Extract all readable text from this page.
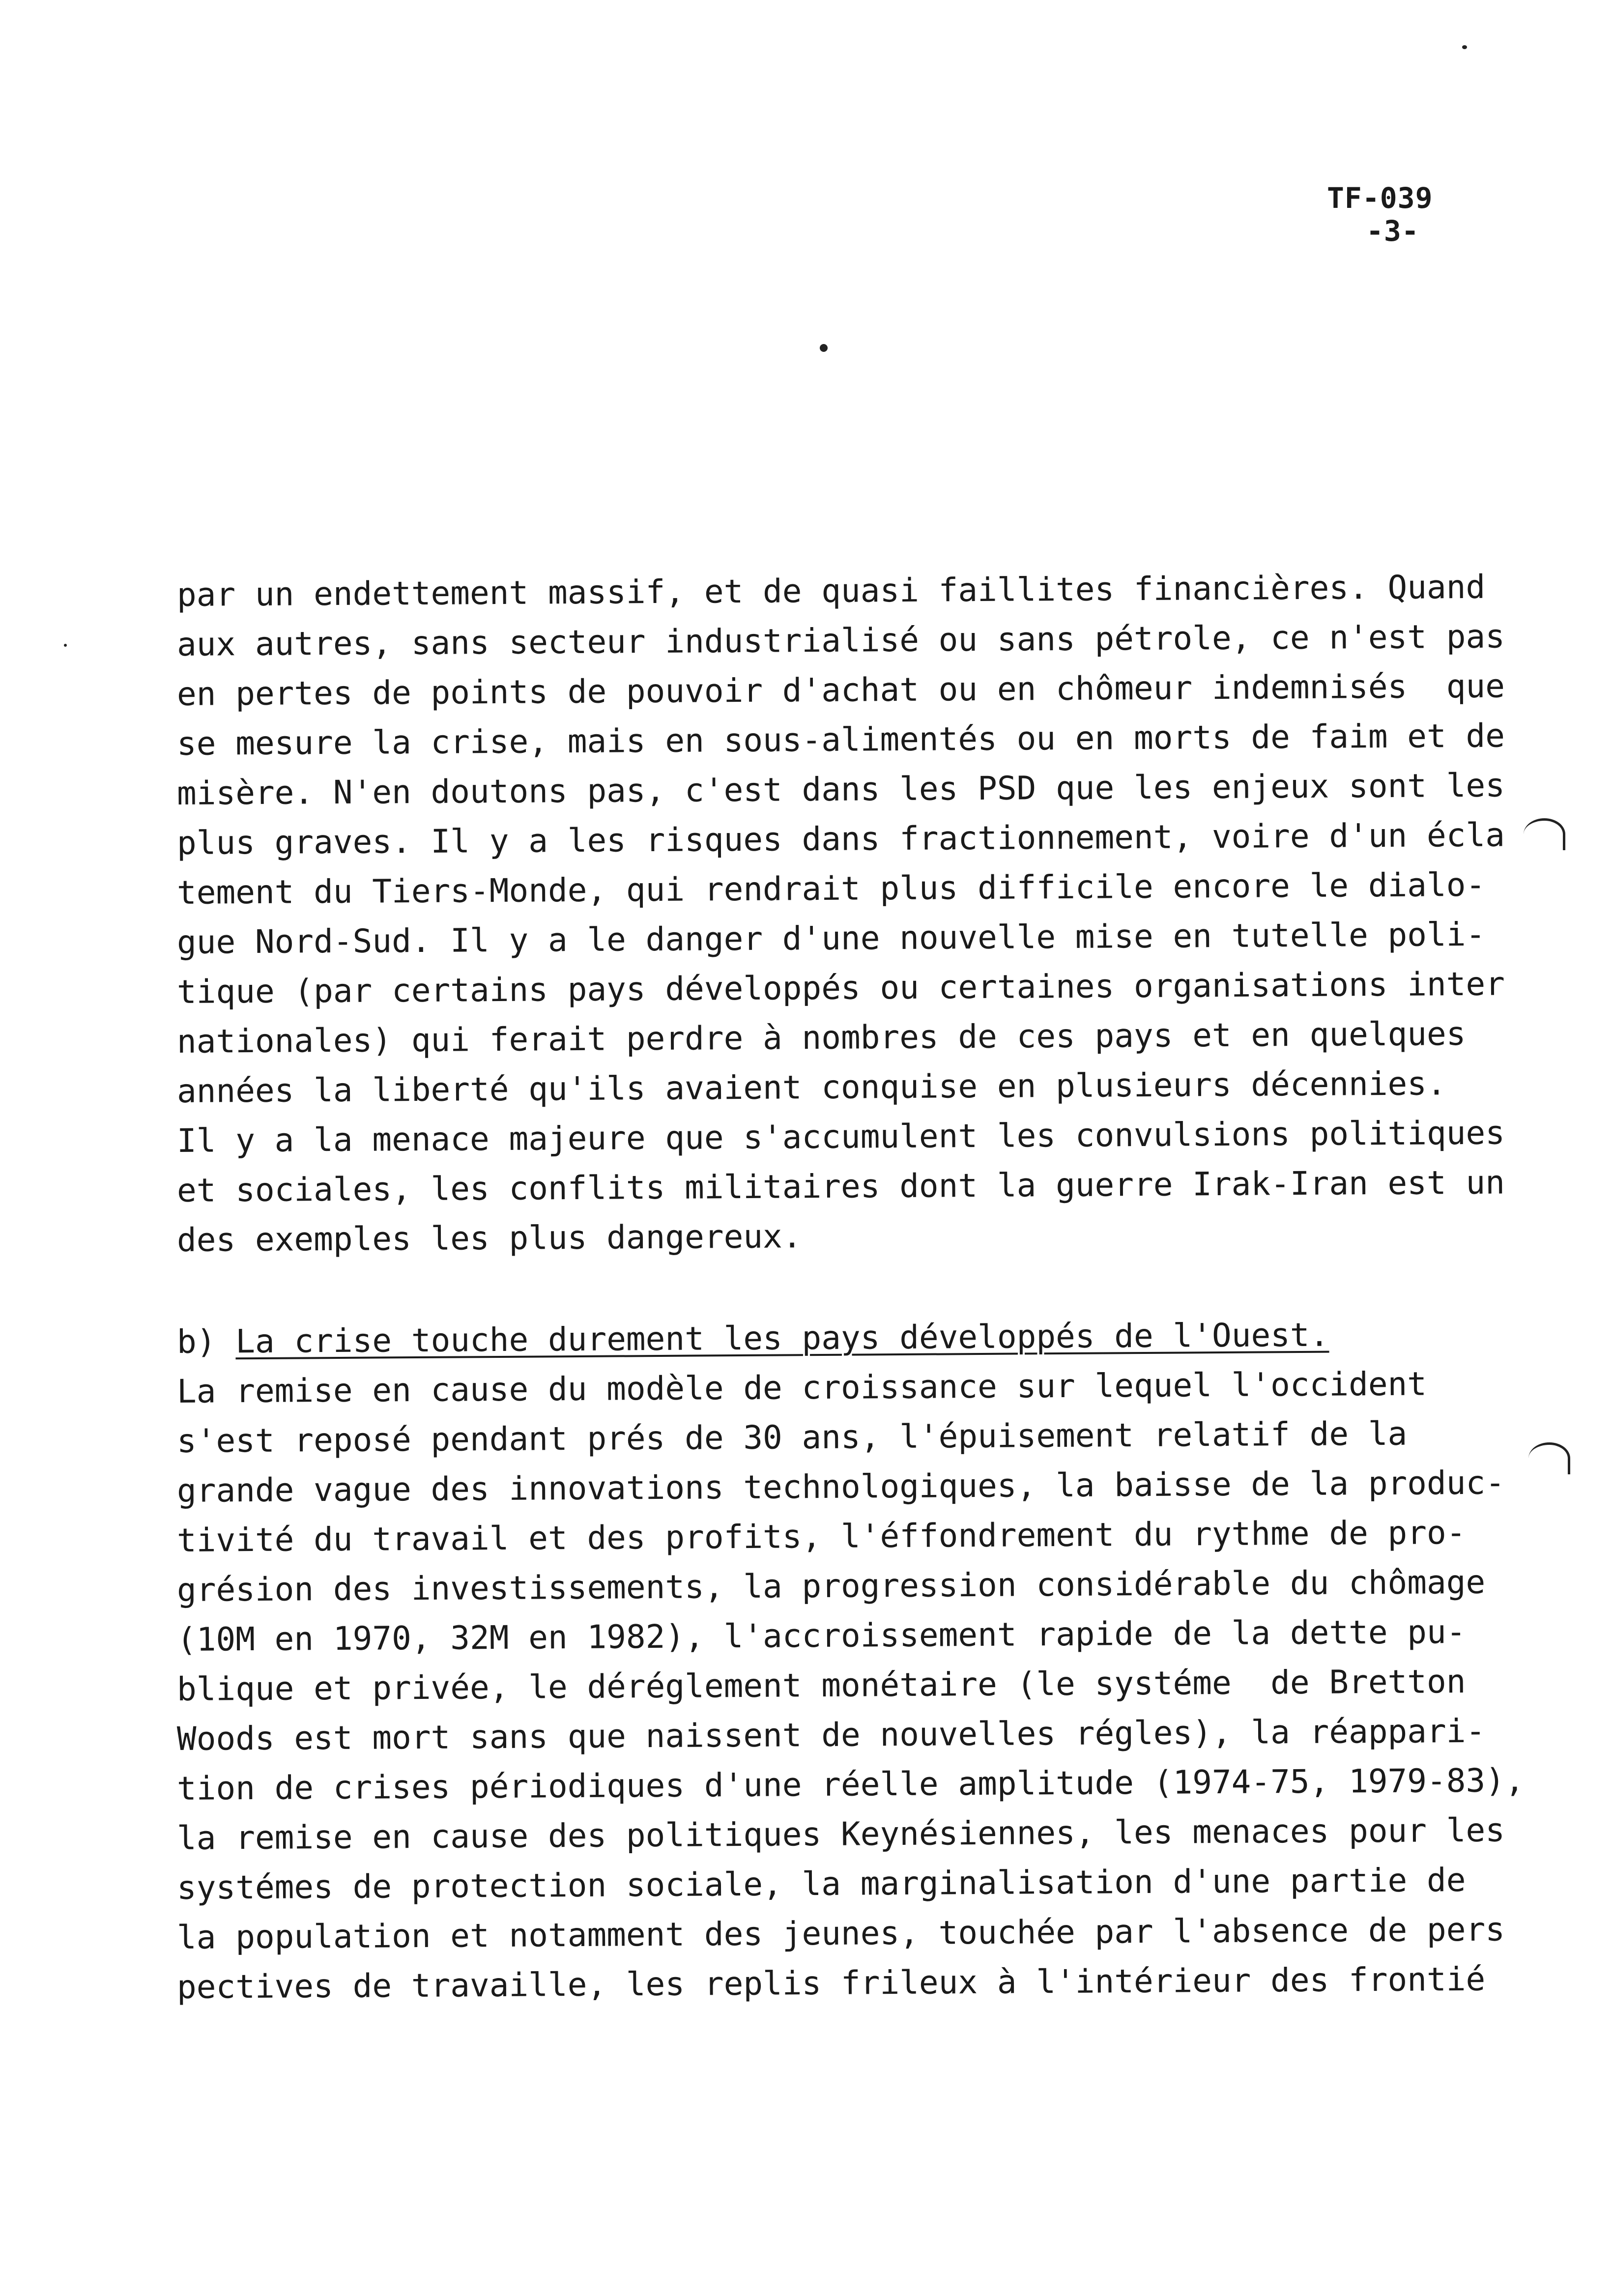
TF-039
-3-
par un endettement massif, et de quasi faillites financières. Quand
aux autres, sans secteur industrialisé ou sans pétrole, ce n'est pas
en pertes de points de pouvoir d'achat ou en chômeur indemnisés  que
se mesure la crise, mais en sous-alimentés ou en morts de faim et de
misère. N'en doutons pas, c'est dans les PSD que les enjeux sont les
plus graves. Il y a les risques dans fractionnement, voire d'un écla
tement du Tiers-Monde, qui rendrait plus difficile encore le dialo-
gue Nord-Sud. Il y a le danger d'une nouvelle mise en tutelle poli-
tique (par certains pays développés ou certaines organisations inter
nationales) qui ferait perdre à nombres de ces pays et en quelques
années la liberté qu'ils avaient conquise en plusieurs décennies.
Il y a la menace majeure que s'accumulent les convulsions politiques
et sociales, les conflits militaires dont la guerre Irak-Iran est un
des exemples les plus dangereux.
b) La crise touche durement les pays développés de l'Ouest.
La remise en cause du modèle de croissance sur lequel l'occident
s'est reposé pendant prés de 30 ans, l'épuisement relatif de la
grande vague des innovations technologiques, la baisse de la produc-
tivité du travail et des profits, l'éffondrement du rythme de pro-
grésion des investissements, la progression considérable du chômage
(10M en 1970, 32M en 1982), l'accroissement rapide de la dette pu-
blique et privée, le déréglement monétaire (le systéme  de Bretton
Woods est mort sans que naissent de nouvelles régles), la réappari-
tion de crises périodiques d'une réelle amplitude (1974-75, 1979-83),
la remise en cause des politiques Keynésiennes, les menaces pour les
systémes de protection sociale, la marginalisation d'une partie de
la population et notamment des jeunes, touchée par l'absence de pers
pectives de travaille, les replis frileux à l'intérieur des frontié
